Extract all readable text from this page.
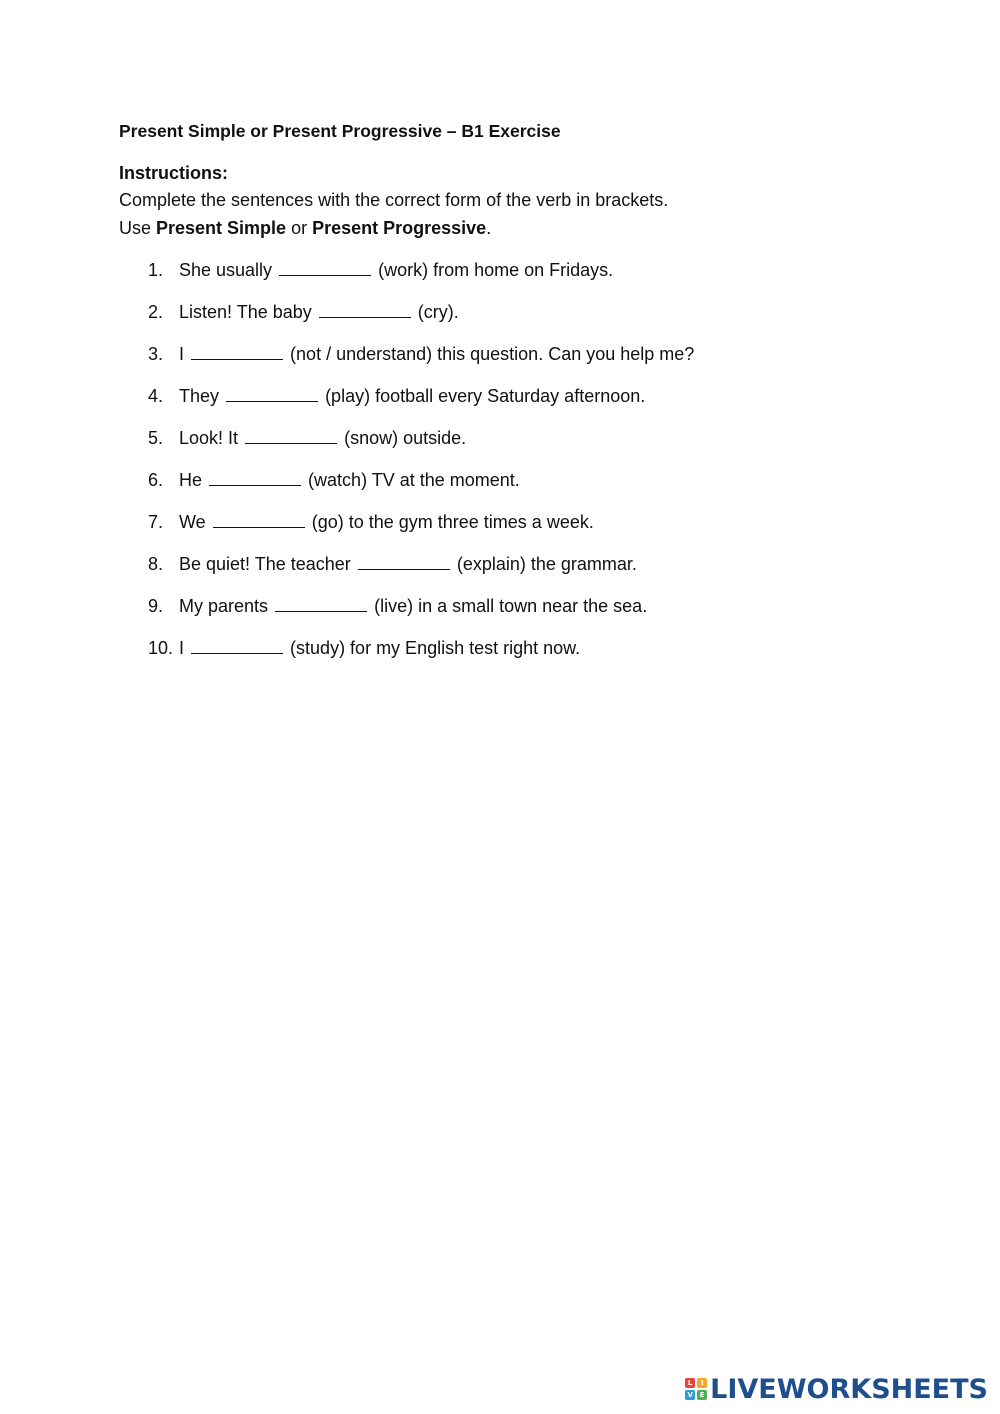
Present Simple or Present Progressive – B1 Exercise

Instructions:

Complete the sentences with the correct form of the verb in brackets.

Use Present Simple or Present Progressive.

1. She usually	(work) from home on Fridays.
2. Listen! The baby	(cry).
3. I	(not / understand) this question. Can you help me?
4. They	(play) football every Saturday afternoon.
5. Look! It	(snow) outside.
6. He	(watch) TV at the moment.
7. We	(go) to the gym three times a week.
8. Be quiet! The teacher	(explain) the grammar.
9. My parents	(live) in a small town near the sea.
10. I	(study) for my English test right now.
L	I
V E LIVEWORKSHEETS
